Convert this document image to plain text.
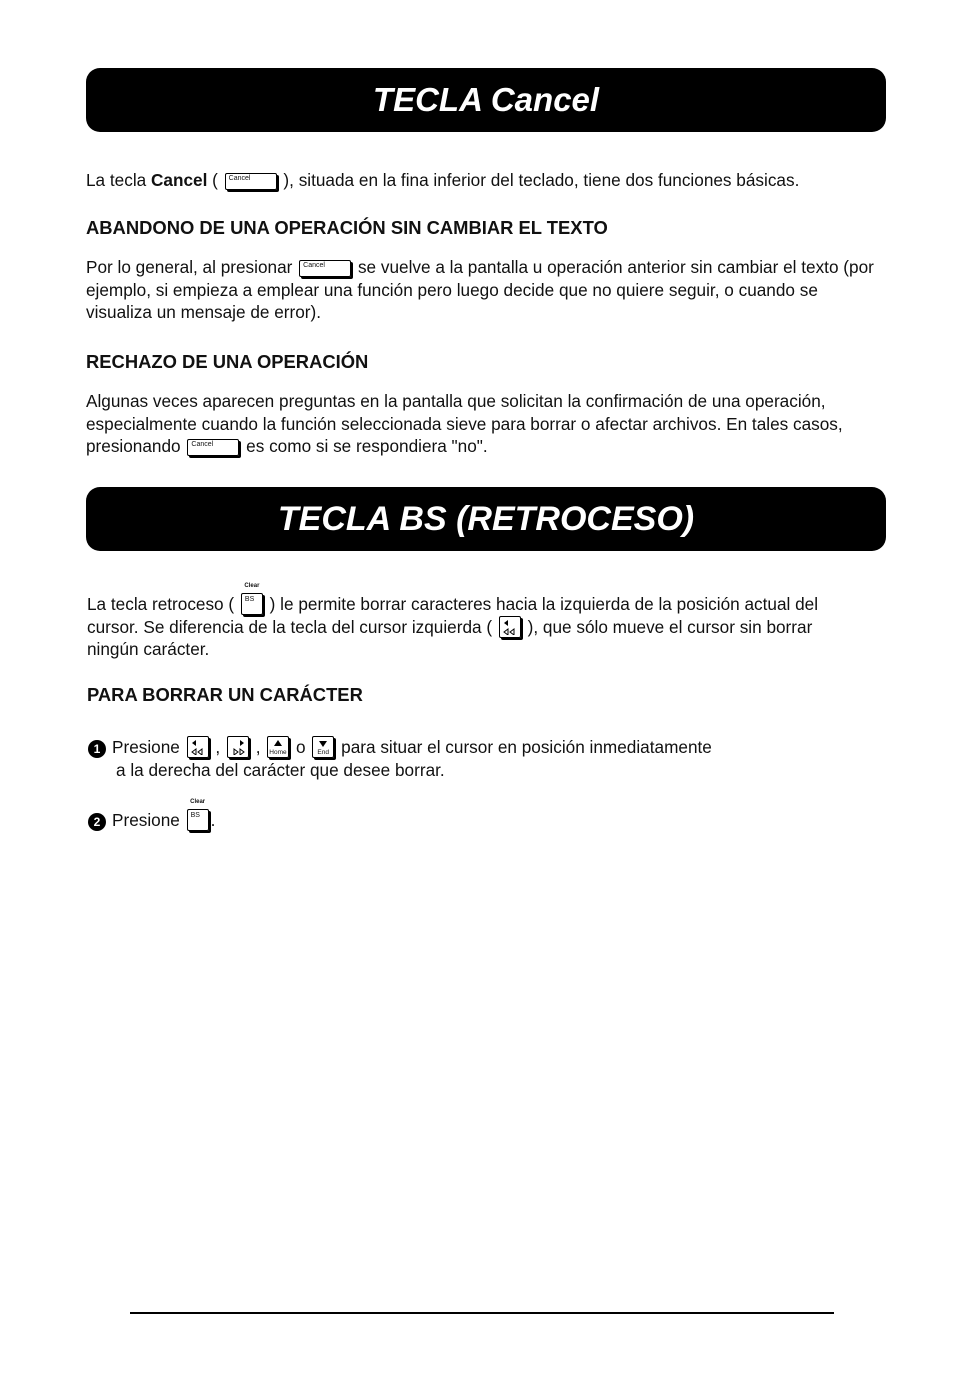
TECLA Cancel

La tecla Cancel ( Cancel ), situada en la fina inferior del teclado, tiene dos funciones básicas.

ABANDONO DE UNA OPERACIÓN SIN CAMBIAR EL TEXTO

Por lo general, al presionar Cancel se vuelve a la pantalla u operación anterior sin cambiar el texto (por ejemplo, si empieza a emplear una función pero luego decide que no quiere seguir, o cuando se visualiza un mensaje de error).

RECHAZO DE UNA OPERACIÓN

Algunas veces aparecen preguntas en la pantalla que solicitan la confirmación de una operación, especialmente cuando la función seleccionada sieve para borrar o afectar archivos. En tales casos, presionando Cancel es como si se respondiera "no".

TECLA BS (RETROCESO)

La tecla retroceso (
Clear
BS ) le permite borrar caracteres hacia la izquierda de la posición actual del cursor. Se diferencia de la tecla del cursor izquierda (
), que sólo mueve el cursor sin borrar ningún carácter.

PARA BORRAR UN CARÁCTER

1 Presione
,
, Home o End para situar el cursor en posición inmediatamente
a la derecha del carácter que desee borrar.

2 Presione
Clear
BS .
